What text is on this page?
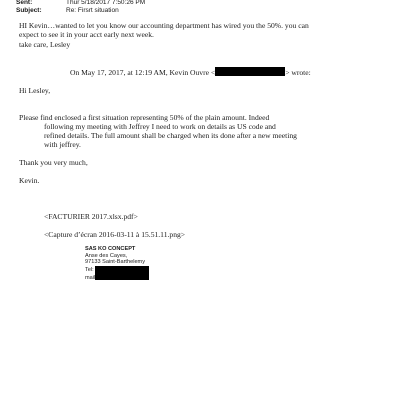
Sent:	Thur 5/18/2017 7:50:26 PM
Subject:	Re: Firsrt situation
HI Kevin…wanted to let you know our accounting department has wired you the 50%. you can
expect to see it in your acct early next week.
take care, Lesley
On May 17, 2017, at 12:19 AM, Kevin Ouvre <	> wrote:
Hi Lesley,
Please find enclosed a first situation representing 50% of the plain amount. Indeed
following my meeting with Jeffrey I need to work on details as US code and
refined details. The full amount shall be charged when its done after a new meeting
with jeffrey.
Thank you very much,
Kevin.
<FACTURIER 2017.xlsx.pdf>
<Capture d’écran 2016-03-11 à 15.51.11.png>
SAS KO CONCEPT
Anse des Cayes,
97133 Saint-Barthelemy
Tel:
mail
